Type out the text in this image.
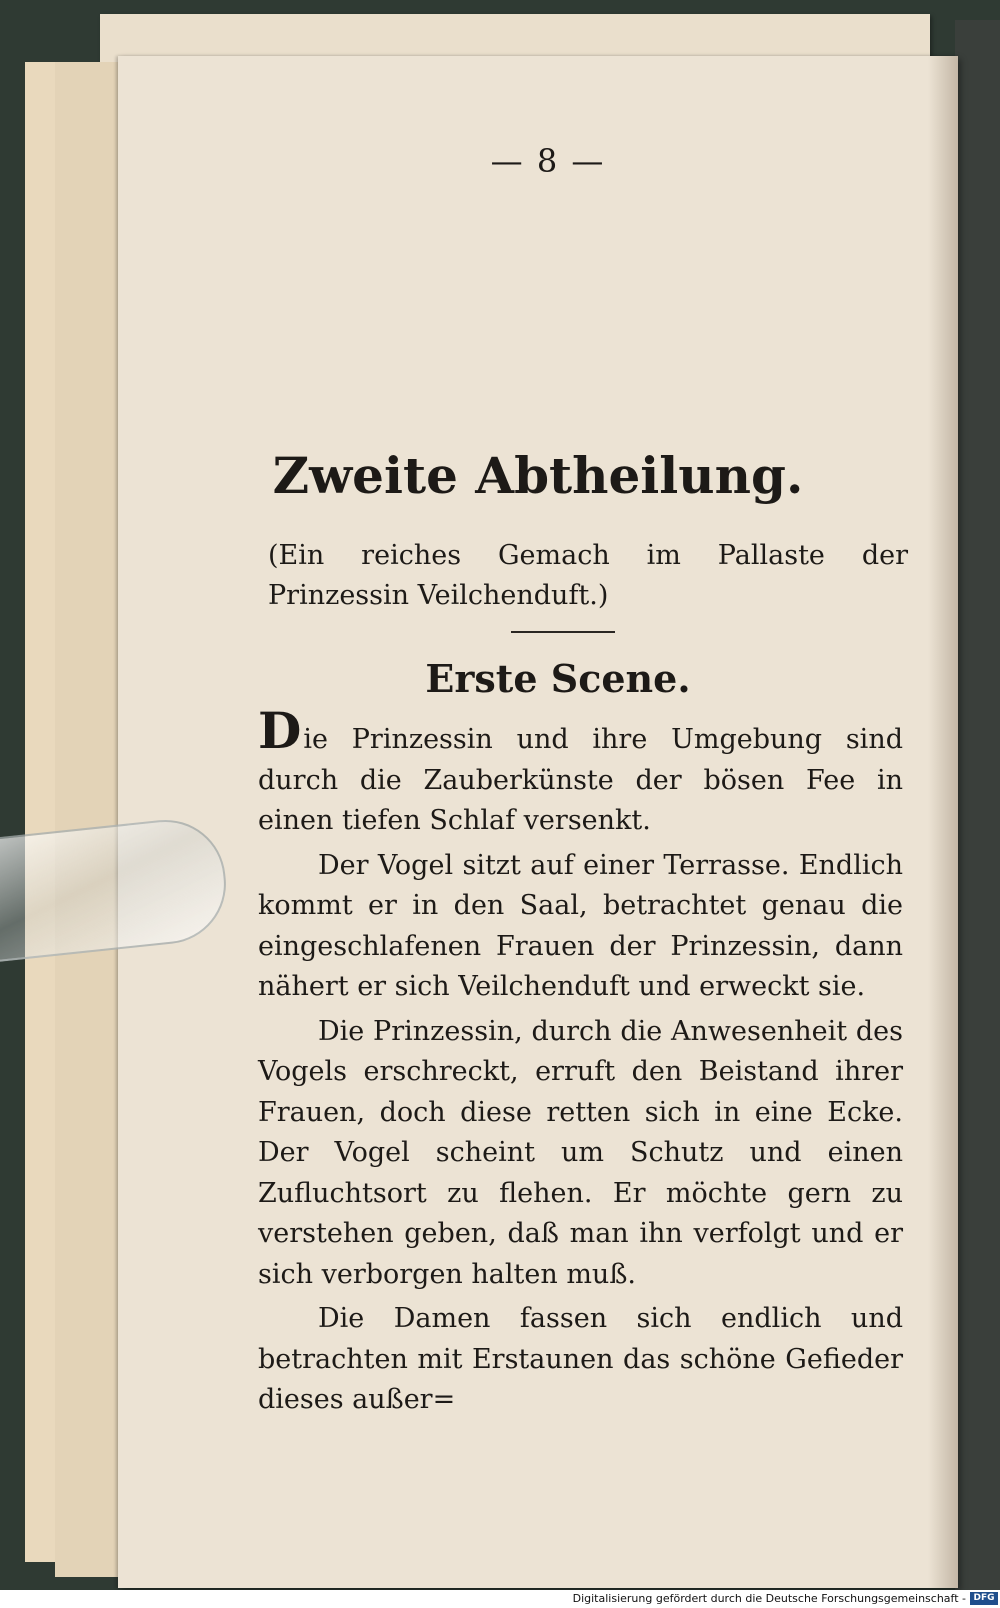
— 8 —
Zweite Abtheilung.
(Ein reiches Gemach im Pallaste der Prinzessin Veilchenduft.)
Erste Scene.

Die Prinzessin und ihre Umgebung sind durch die Zauberkünste der bösen Fee in einen tiefen Schlaf versenkt.

Der Vogel sitzt auf einer Terrasse. Endlich kommt er in den Saal, betrachtet genau die eingeschlafenen Frauen der Prinzessin, dann nähert er sich Veilchenduft und erweckt sie.

Die Prinzessin, durch die Anwesenheit des Vogels erschreckt, erruft den Beistand ihrer Frauen, doch diese retten sich in eine Ecke. Der Vogel scheint um Schutz und einen Zufluchtsort zu flehen. Er möchte gern zu verstehen geben, daß man ihn verfolgt und er sich verborgen halten muß.

Die Damen fassen sich endlich und betrachten mit Erstaunen das schöne Gefieder dieses außer=

Digitalisierung gefördert durch die Deutsche Forschungsgemeinschaft - DFG
